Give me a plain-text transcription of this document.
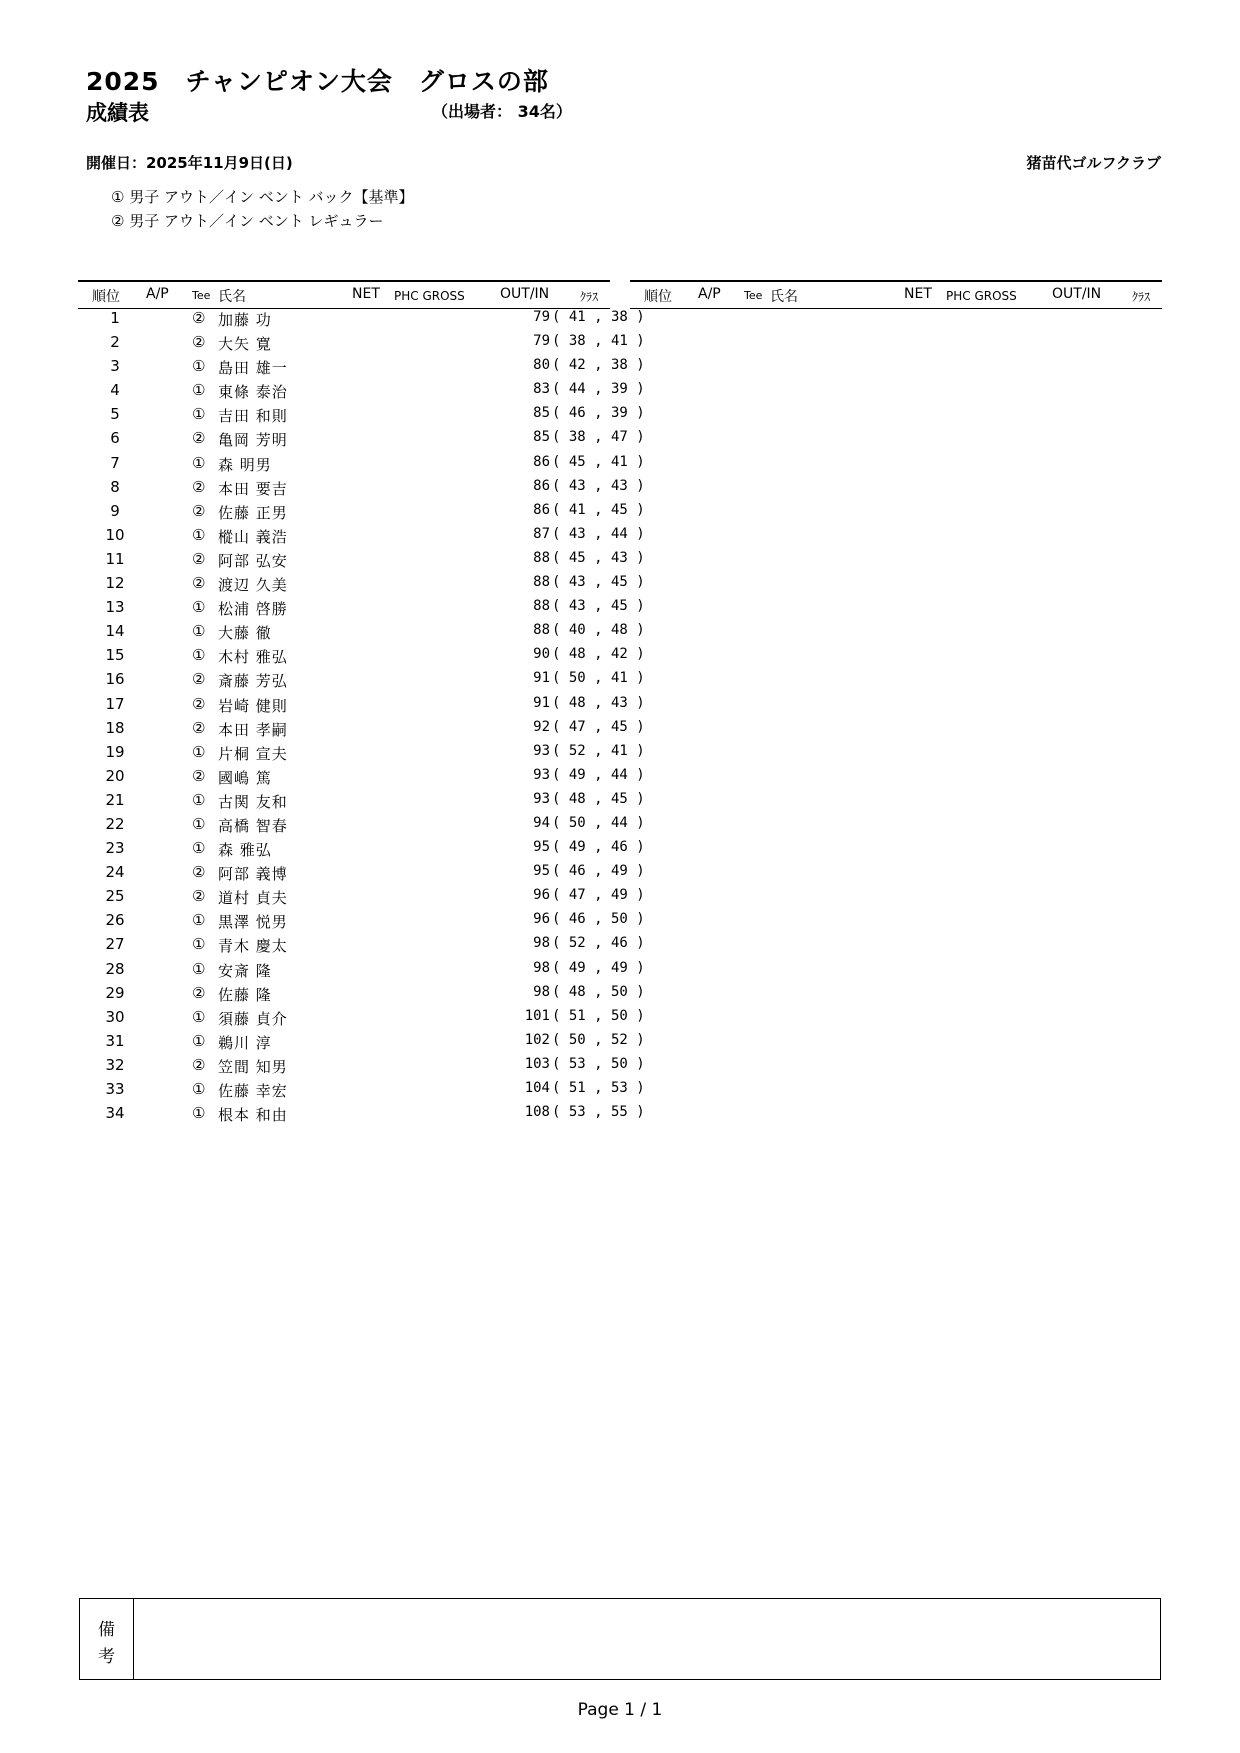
2025　チャンピオン大会　グロスの部
成績表	（出場者： 34名）
開催日：2025年11月9日(日)	猪苗代ゴルフクラブ
① 男子 アウト／イン ベント バック【基準】
② 男子 アウト／イン ベント レギュラー
順位 A/P Tee 氏名	NET PHC GROSS	OUT/IN	ｸﾗｽ	順位 A/P Tee 氏名	NET PHC GROSS	OUT/IN	ｸﾗｽ
1	② 加藤 功	79 ( 41 , 38 )
2	② 大矢 寛	79 ( 38 , 41 )
3	① 島田 雄一	80 ( 42 , 38 )
4	① 東條 泰治	83 ( 44 , 39 )
5	① 吉田 和則	85 ( 46 , 39 )
6	② 亀岡 芳明	85 ( 38 , 47 )
7	① 森 明男	86 ( 45 , 41 )
8	② 本田 要吉	86 ( 43 , 43 )
9	② 佐藤 正男	86 ( 41 , 45 )
10	① 樅山 義浩	87 ( 43 , 44 )
11	② 阿部 弘安	88 ( 45 , 43 )
12	② 渡辺 久美	88 ( 43 , 45 )
13	① 松浦 啓勝	88 ( 43 , 45 )
14	① 大藤 徹	88 ( 40 , 48 )
15	① 木村 雅弘	90 ( 48 , 42 )
16	② 斎藤 芳弘	91 ( 50 , 41 )
17	② 岩崎 健則	91 ( 48 , 43 )
18	② 本田 孝嗣	92 ( 47 , 45 )
19	① 片桐 宣夫	93 ( 52 , 41 )
20	② 國嶋 篤	93 ( 49 , 44 )
21	① 古関 友和	93 ( 48 , 45 )
22	① 高橋 智春	94 ( 50 , 44 )
23	① 森 雅弘	95 ( 49 , 46 )
24	② 阿部 義博	95 ( 46 , 49 )
25	② 道村 貞夫	96 ( 47 , 49 )
26	① 黒澤 悦男	96 ( 46 , 50 )
27	① 青木 慶太	98 ( 52 , 46 )
28	① 安斎 隆	98 ( 49 , 49 )
29	② 佐藤 隆	98 ( 48 , 50 )
30	① 須藤 貞介	101 ( 51 , 50 )
31	① 鵜川 淳	102 ( 50 , 52 )
32	② 笠間 知男	103 ( 53 , 50 )
33	① 佐藤 幸宏	104 ( 51 , 53 )
34	① 根本 和由	108 ( 53 , 55 )
備
考
Page 1 / 1
